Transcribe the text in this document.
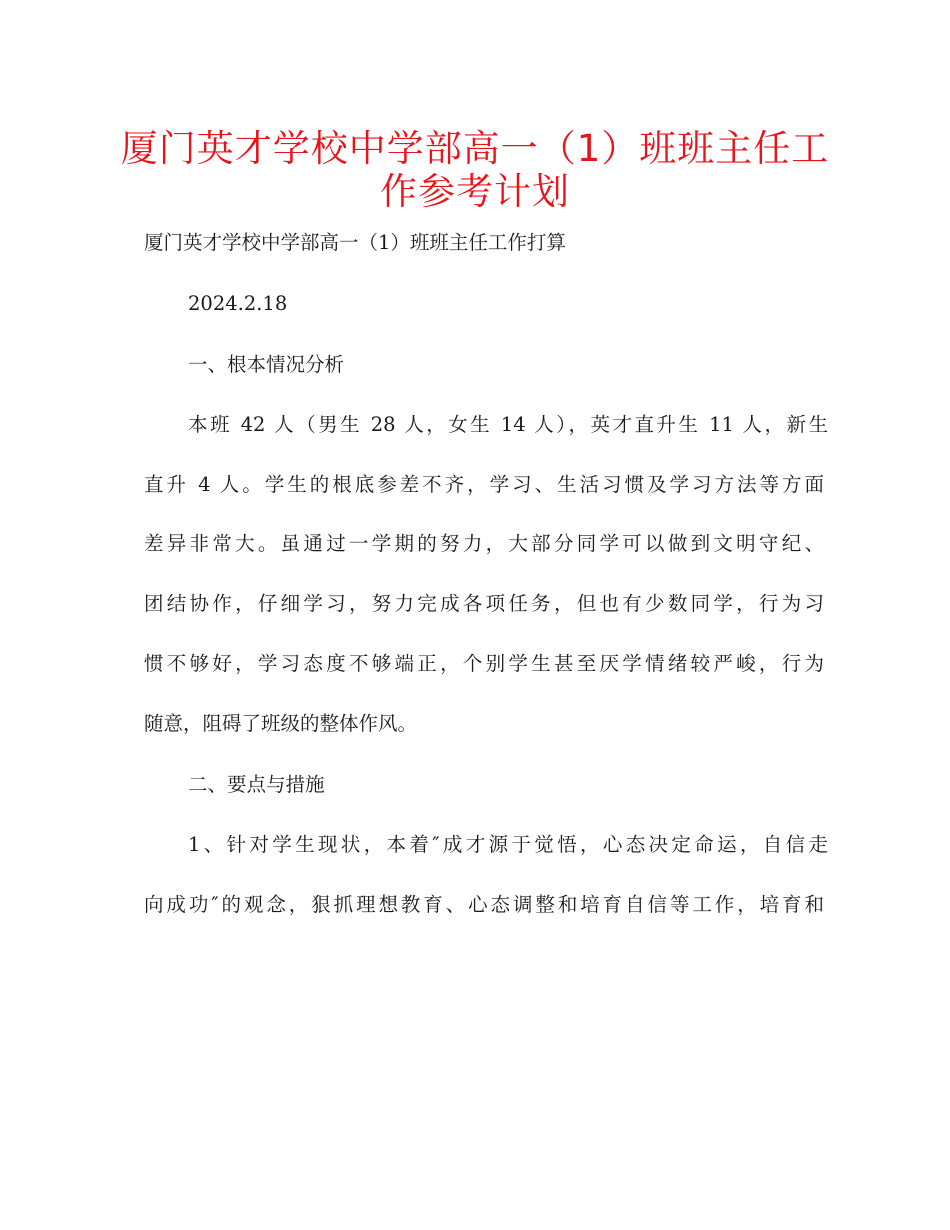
厦门英才学校中学部高一（1）班班主任工
作参考计划

厦门英才学校中学部高一（1）班班主任工作打算

2024.2.18

一、根本情况分析

本班 42 人（男生 28 人，女生 14 人），英才直升生 11 人，新生

直升 4 人。学生的根底参差不齐，学习、生活习惯及学习方法等方面

差异非常大。虽通过一学期的努力，大部分同学可以做到文明守纪、

团结协作，仔细学习，努力完成各项任务，但也有少数同学，行为习

惯不够好，学习态度不够端正，个别学生甚至厌学情绪较严峻，行为

随意，阻碍了班级的整体作风。

二、要点与措施

1、针对学生现状，本着″成才源于觉悟，心态决定命运，自信走

向成功″的观念，狠抓理想教育、心态调整和培育自信等工作，培育和
